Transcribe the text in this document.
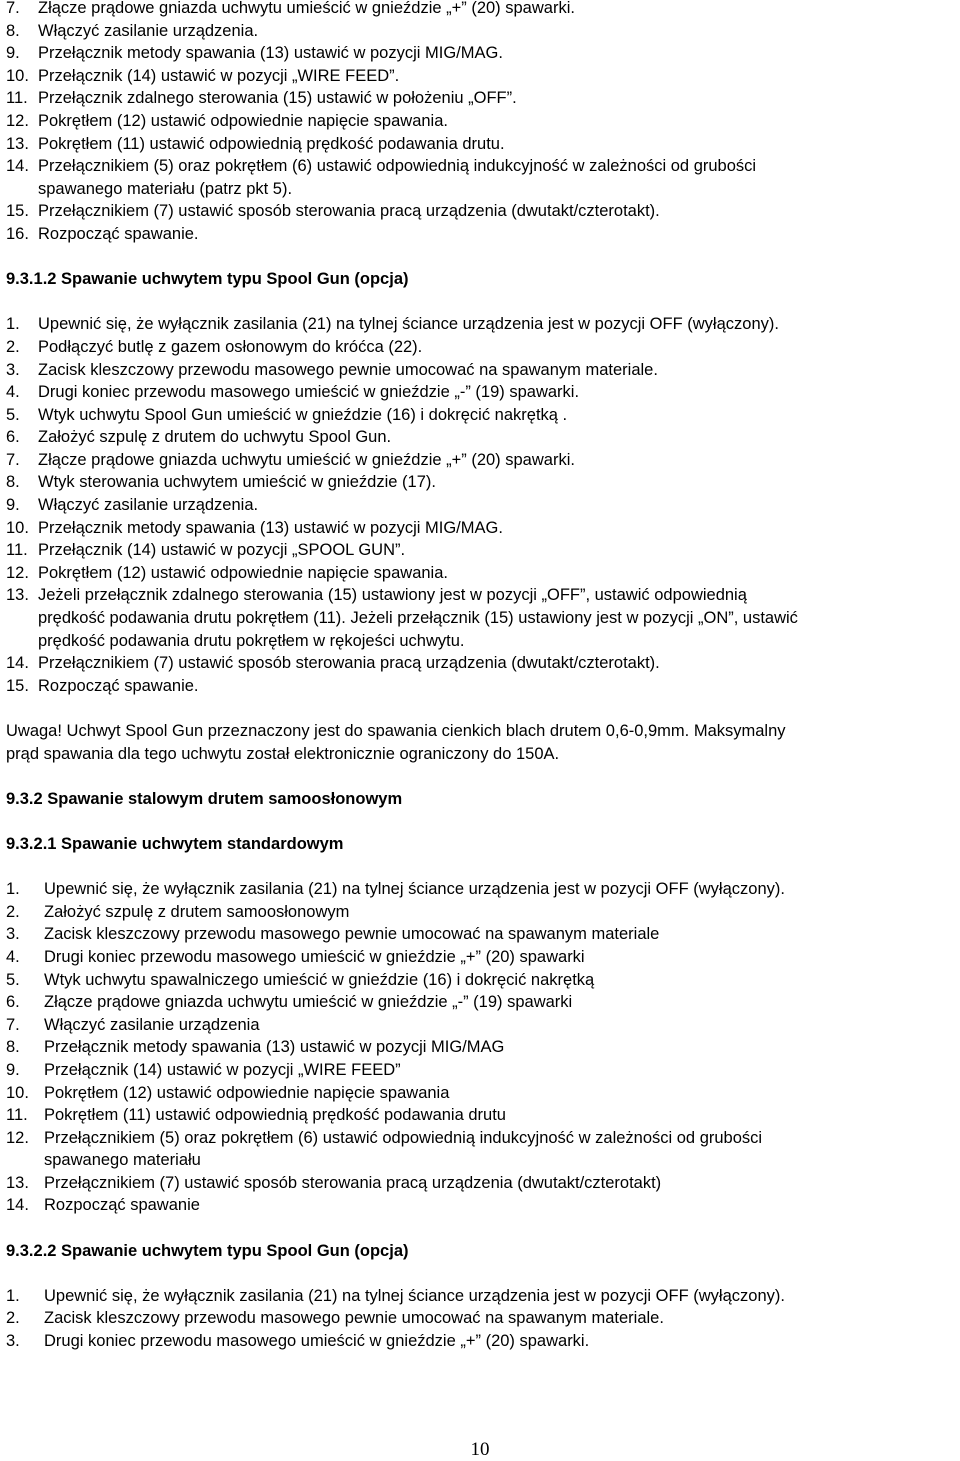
7.	Złącze prądowe gniazda uchwytu umieścić w gnieździe „+” (20) spawarki.
8.	Włączyć zasilanie urządzenia.
9.	Przełącznik metody spawania (13) ustawić w pozycji MIG/MAG.
10. Przełącznik (14) ustawić w pozycji „WIRE FEED”.
11. Przełącznik zdalnego sterowania (15) ustawić w położeniu „OFF”.
12. Pokrętłem (12) ustawić odpowiednie napięcie spawania.
13. Pokrętłem (11) ustawić odpowiednią prędkość podawania drutu.
14. Przełącznikiem (5) oraz pokrętłem (6) ustawić odpowiednią indukcyjność w zależności od grubości
spawanego materiału (patrz pkt 5).
15. Przełącznikiem (7) ustawić sposób sterowania pracą urządzenia (dwutakt/czterotakt).
16. Rozpocząć spawanie.
9.3.1.2 Spawanie uchwytem typu Spool Gun (opcja)
1.	Upewnić się, że wyłącznik zasilania (21) na tylnej ściance urządzenia jest w pozycji OFF (wyłączony).
2.	Podłączyć butlę z gazem osłonowym do króćca (22).
3.	Zacisk kleszczowy przewodu masowego pewnie umocować na spawanym materiale.
4.	Drugi koniec przewodu masowego umieścić w gnieździe „-” (19) spawarki.
5.	Wtyk uchwytu Spool Gun umieścić w gnieździe (16) i dokręcić nakrętką .
6.	Założyć szpulę z drutem do uchwytu Spool Gun.
7.	Złącze prądowe gniazda uchwytu umieścić w gnieździe „+” (20) spawarki.
8.	Wtyk sterowania uchwytem umieścić w gnieździe (17).
9.	Włączyć zasilanie urządzenia.
10. Przełącznik metody spawania (13) ustawić w pozycji MIG/MAG.
11. Przełącznik (14) ustawić w pozycji „SPOOL GUN”.
12. Pokrętłem (12) ustawić odpowiednie napięcie spawania.
13. Jeżeli przełącznik zdalnego sterowania (15) ustawiony jest w pozycji „OFF”, ustawić odpowiednią
prędkość podawania drutu pokrętłem (11). Jeżeli przełącznik (15) ustawiony jest w pozycji „ON”, ustawić
prędkość podawania drutu pokrętłem w rękojeści uchwytu.
14. Przełącznikiem (7) ustawić sposób sterowania pracą urządzenia (dwutakt/czterotakt).
15. Rozpocząć spawanie.
Uwaga! Uchwyt Spool Gun przeznaczony jest do spawania cienkich blach drutem 0,6-0,9mm. Maksymalny
prąd spawania dla tego uchwytu został elektronicznie ograniczony do 150A.
9.3.2 Spawanie stalowym drutem samoosłonowym
9.3.2.1 Spawanie uchwytem standardowym
1.	Upewnić się, że wyłącznik zasilania (21) na tylnej ściance urządzenia jest w pozycji OFF (wyłączony).
2.	Założyć szpulę z drutem samoosłonowym
3.	Zacisk kleszczowy przewodu masowego pewnie umocować na spawanym materiale
4.	Drugi koniec przewodu masowego umieścić w gnieździe „+” (20) spawarki
5.	Wtyk uchwytu spawalniczego umieścić w gnieździe (16) i dokręcić nakrętką
6.	Złącze prądowe gniazda uchwytu umieścić w gnieździe „-” (19) spawarki
7.	Włączyć zasilanie urządzenia
8.	Przełącznik metody spawania (13) ustawić w pozycji MIG/MAG
9.	Przełącznik (14) ustawić w pozycji „WIRE FEED”
10. Pokrętłem (12) ustawić odpowiednie napięcie spawania
11. Pokrętłem (11) ustawić odpowiednią prędkość podawania drutu
12. Przełącznikiem (5) oraz pokrętłem (6) ustawić odpowiednią indukcyjność w zależności od grubości
spawanego materiału
13. Przełącznikiem (7) ustawić sposób sterowania pracą urządzenia (dwutakt/czterotakt)
14. Rozpocząć spawanie
9.3.2.2 Spawanie uchwytem typu Spool Gun (opcja)
1.	Upewnić się, że wyłącznik zasilania (21) na tylnej ściance urządzenia jest w pozycji OFF (wyłączony).
2.	Zacisk kleszczowy przewodu masowego pewnie umocować na spawanym materiale.
3.	Drugi koniec przewodu masowego umieścić w gnieździe „+” (20) spawarki.
10
